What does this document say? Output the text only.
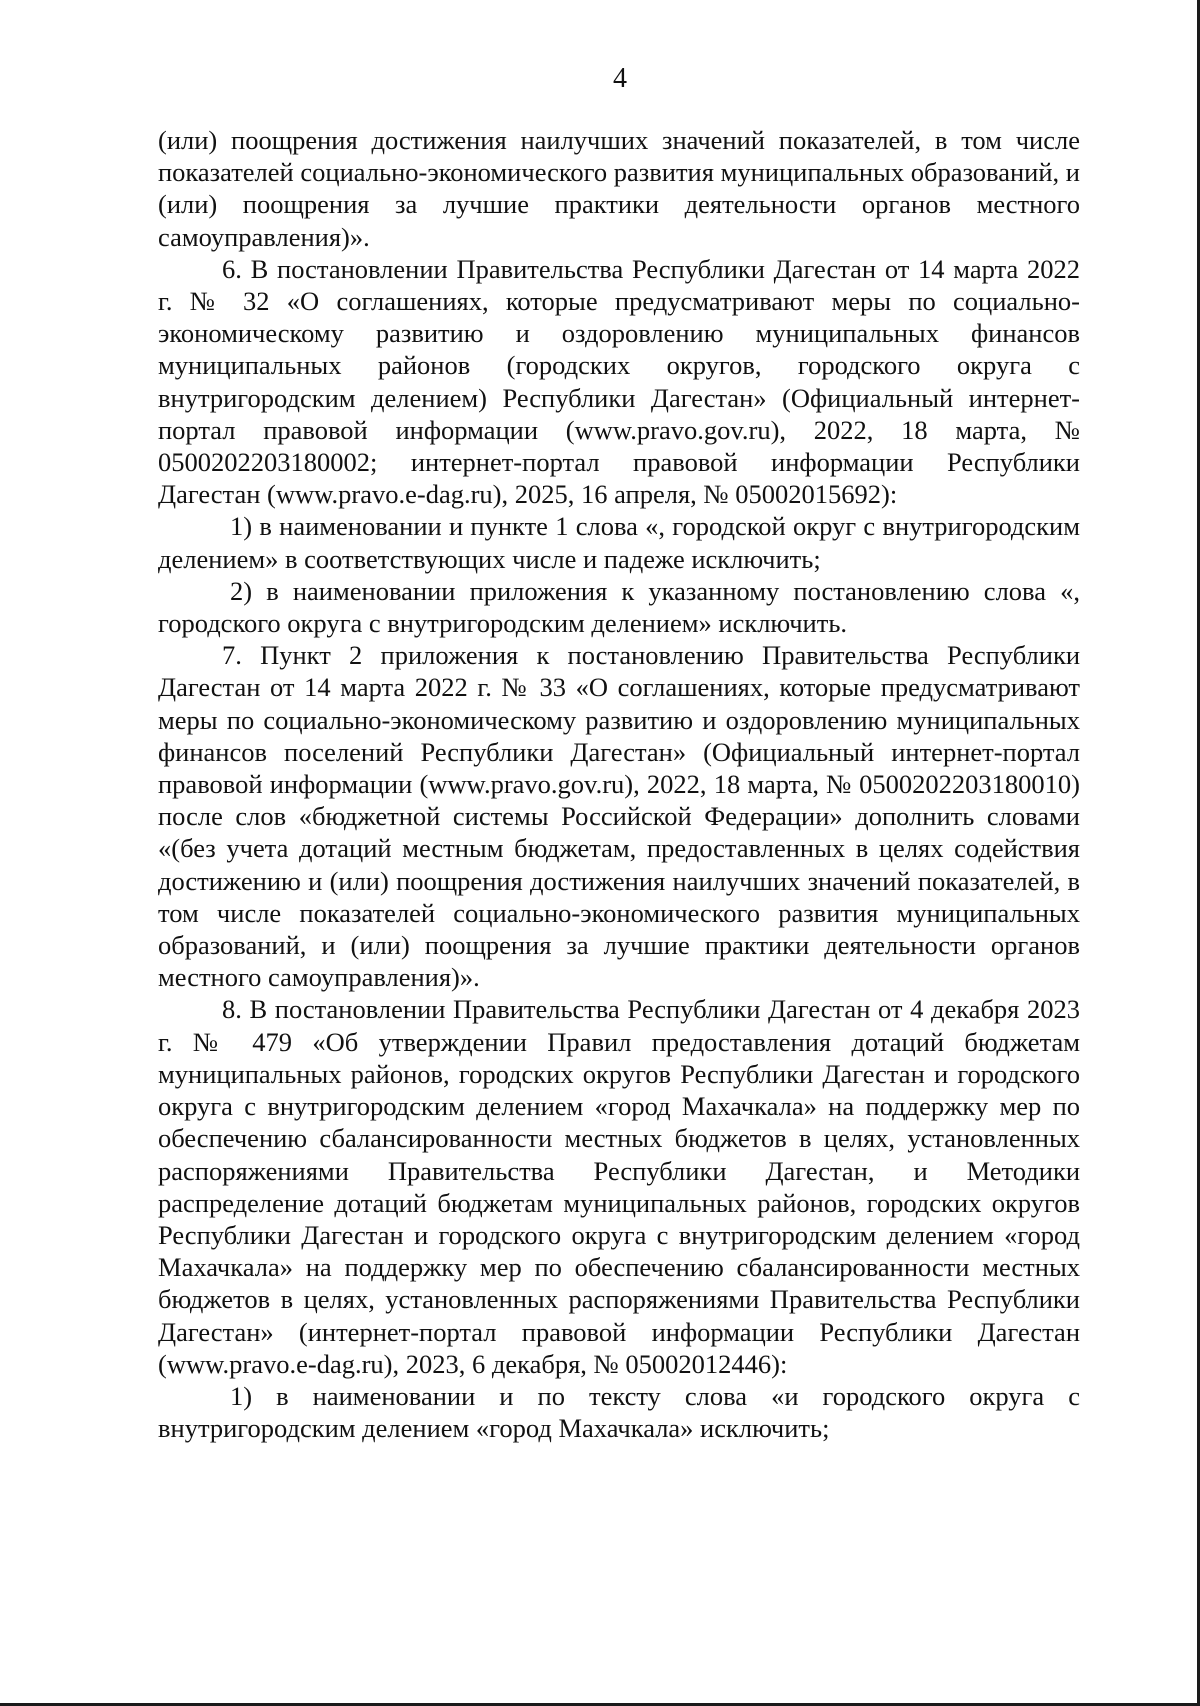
4

(или) поощрения достижения наилучших значений показателей, в том числе показателей социально-экономического развития муниципальных образований, и (или) поощрения за лучшие практики деятельности органов местного самоуправления)».

6. В постановлении Правительства Республики Дагестан от 14 марта 2022 г. № 32 «О соглашениях, которые предусматривают меры по социально-экономическому развитию и оздоровлению муниципальных финансов муниципальных районов (городских округов, городского округа с внутригородским делением) Республики Дагестан» (Официальный интернет-портал правовой информации (www.pravo.gov.ru), 2022, 18 марта, № 0500202203180002; интернет-портал правовой информации Республики Дагестан (www.pravo.e-dag.ru), 2025, 16 апреля, № 05002015692):

1) в наименовании и пункте 1 слова «, городской округ с внутригородским делением» в соответствующих числе и падеже исключить;

2) в наименовании приложения к указанному постановлению слова «, городского округа с внутригородским делением» исключить.

7. Пункт 2 приложения к постановлению Правительства Республики Дагестан от 14 марта 2022 г. № 33 «О соглашениях, которые предусматривают меры по социально-экономическому развитию и оздоровлению муниципальных финансов поселений Республики Дагестан» (Официальный интернет-портал правовой информации (www.pravo.gov.ru), 2022, 18 марта, № 0500202203180010) после слов «бюджетной системы Российской Федерации» дополнить словами «(без учета дотаций местным бюджетам, предоставленных в целях содействия достижению и (или) поощрения достижения наилучших значений показателей, в том числе показателей социально-экономического развития муниципальных образований, и (или) поощрения за лучшие практики деятельности органов местного самоуправления)».

8. В постановлении Правительства Республики Дагестан от 4 декабря 2023 г. № 479 «Об утверждении Правил предоставления дотаций бюджетам муниципальных районов, городских округов Республики Дагестан и городского округа с внутригородским делением «город Махачкала» на поддержку мер по обеспечению сбалансированности местных бюджетов в целях, установленных распоряжениями Правительства Республики Дагестан, и Методики распределение дотаций бюджетам муниципальных районов, городских округов Республики Дагестан и городского округа с внутригородским делением «город Махачкала» на поддержку мер по обеспечению сбалансированности местных бюджетов в целях, установленных распоряжениями Правительства Республики Дагестан» (интернет-портал правовой информации Республики Дагестан (www.pravo.e-dag.ru), 2023, 6 декабря, № 05002012446):

1) в наименовании и по тексту слова «и городского округа с внутригородским делением «город Махачкала» исключить;
